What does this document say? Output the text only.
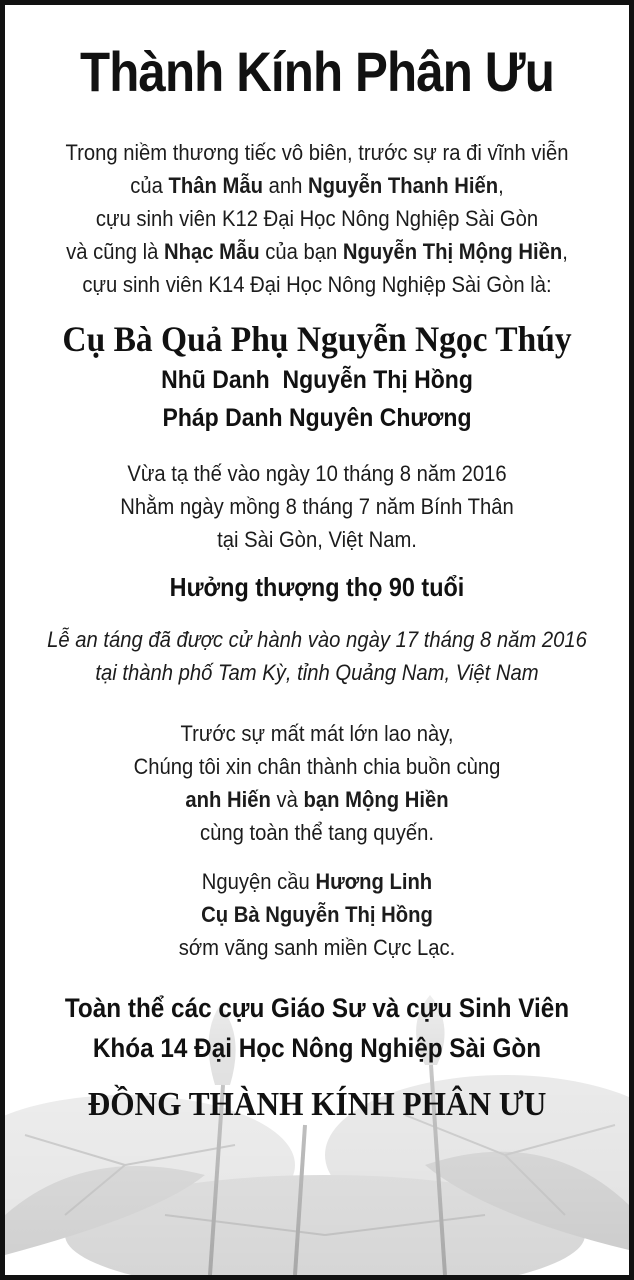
Thành Kính Phân Ưu
Trong niềm thương tiếc vô biên, trước sự ra đi vĩnh viễn
của Thân Mẫu anh Nguyễn Thanh Hiến,
cựu sinh viên K12 Đại Học Nông Nghiệp Sài Gòn
và cũng là Nhạc Mẫu của bạn Nguyễn Thị Mộng Hiền,
cựu sinh viên K14 Đại Học Nông Nghiệp Sài Gòn là:
Cụ Bà Quả Phụ Nguyễn Ngọc Thúy
Nhũ Danh  Nguyễn Thị Hồng
Pháp Danh Nguyên Chương
Vừa tạ thế vào ngày 10 tháng 8 năm 2016
Nhằm ngày mồng 8 tháng 7 năm Bính Thân
tại Sài Gòn, Việt Nam.
Hưởng thượng thọ 90 tuổi
Lễ an táng đã được cử hành vào ngày 17 tháng 8 năm 2016
tại thành phố Tam Kỳ, tỉnh Quảng Nam, Việt Nam
Trước sự mất mát lớn lao này,
Chúng tôi xin chân thành chia buồn cùng
anh Hiến và bạn Mộng Hiền
cùng toàn thể tang quyến.
Nguyện cầu Hương Linh
Cụ Bà Nguyễn Thị Hồng
sớm vãng sanh miền Cực Lạc.
Toàn thể các cựu Giáo Sư và cựu Sinh Viên
Khóa 14 Đại Học Nông Nghiệp Sài Gòn
ĐỒNG THÀNH KÍNH PHÂN ƯU
